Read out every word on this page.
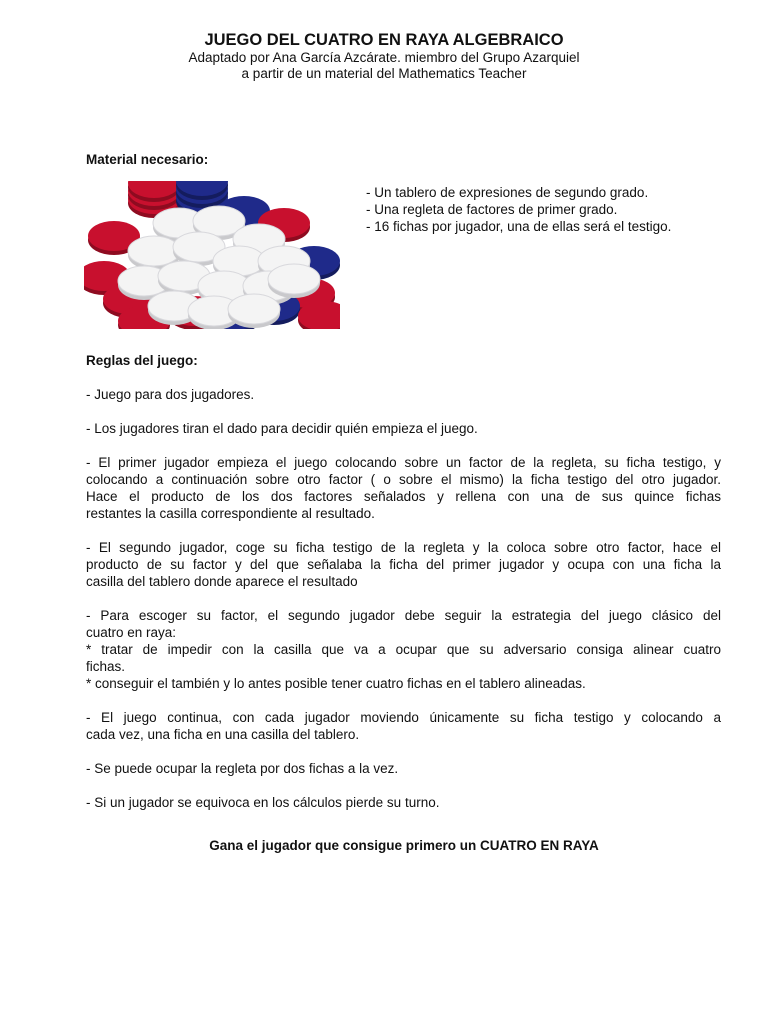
JUEGO DEL CUATRO EN RAYA ALGEBRAICO

Adaptado por Ana García Azcárate. miembro del Grupo Azarquiel

a partir de un material del Mathematics Teacher

Material necesario:

- Un tablero de expresiones de segundo grado.
- Una regleta de factores de primer grado.
- 16 fichas por jugador, una de ellas será el testigo.

Reglas del juego:

- Juego para dos jugadores.

- Los jugadores tiran el dado para decidir quién empieza el juego.

- El primer jugador empieza el juego colocando sobre un factor de la regleta, su ficha testigo, y
colocando a continuación sobre otro factor ( o sobre el mismo) la ficha testigo del otro jugador.
Hace el producto de los dos factores señalados y rellena con una de sus quince fichas
restantes la casilla correspondiente al resultado.

- El segundo jugador, coge su ficha testigo de la regleta y la coloca sobre otro factor, hace el
producto de su factor y del que señalaba la ficha del primer jugador y ocupa con una ficha la
casilla del tablero donde aparece el resultado

- Para escoger su factor, el segundo jugador debe seguir la estrategia del juego clásico del
cuatro en raya:
* tratar de impedir con la casilla que va a ocupar que su adversario consiga alinear cuatro
fichas.
* conseguir el también y lo antes posible tener cuatro fichas en el tablero alineadas.

- El juego continua, con cada jugador moviendo únicamente su ficha testigo y colocando a
cada vez, una ficha en una casilla del tablero.

- Se puede ocupar la regleta por dos fichas a la vez.

- Si un jugador se equivoca en los cálculos pierde su turno.

Gana el jugador que consigue primero un CUATRO EN RAYA
